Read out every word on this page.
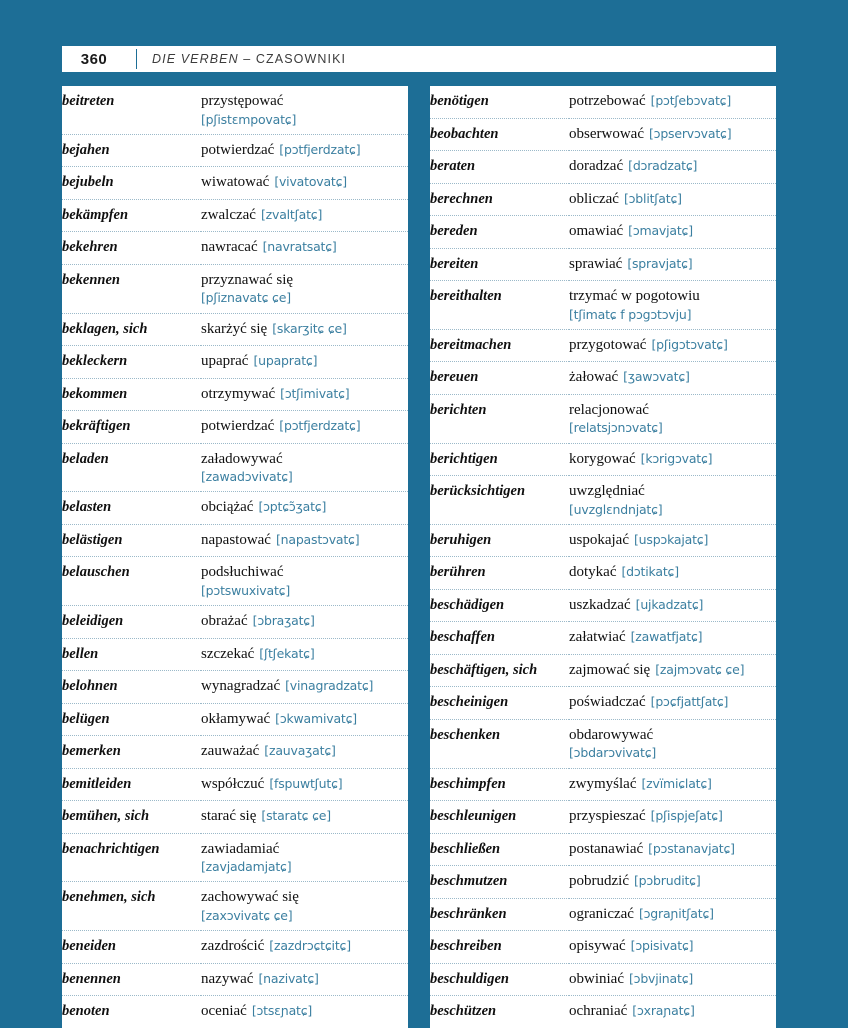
360	DIE VERBEN – CZASOWNIKI
beitreten	przystępować
[pʃistɛmpovatɕ]

bejahen	potwierdzać [pɔtfjerdzatɕ]
bejubeln	wiwatować [vivatovatɕ]
bekämpfen	zwalczać [zvaltʃatɕ]
bekehren	nawracać [navratsatɕ]
bekennen	przyznawać się
[pʃiznavatɕ ɕe]

beklagen, sich	skarżyć się [skarʒitɕ ɕe]
bekleckern	upaprać [upapratɕ]
bekommen	otrzymywać [ɔtʃimivatɕ]
bekräftigen	potwierdzać [pɔtfjerdzatɕ]
beladen	załadowywać
[zawadɔvivatɕ]

belasten	obciążać [ɔptɕɔ̃ʒatɕ]
belästigen	napastować [napastɔvatɕ]
belauschen	podsłuchiwać
[pɔtswuxivatɕ]

beleidigen	obrażać [ɔbraʒatɕ]
bellen	szczekać [ʃtʃekatɕ]
belohnen	wynagradzać [vinagradzatɕ]
belügen	okłamywać [ɔkwamivatɕ]
bemerken	zauważać [zauvaʒatɕ]
bemitleiden	współczuć [fspuwtʃutɕ]
bemühen, sich	starać się [staratɕ ɕe]
benachrichtigen	zawiadamiać
[zavjadamjatɕ]

benehmen, sich	zachowywać się
[zaxɔvivatɕ ɕe]

beneiden	zazdrościć [zazdrɔɕtɕitɕ]
benennen	nazywać [nazivatɕ]
benoten	oceniać [ɔtsɛɲatɕ]
benötigen	potrzebować [pɔtʃebɔvatɕ]
beobachten	obserwować [ɔpservɔvatɕ]
beraten	doradzać [dɔradzatɕ]
berechnen	obliczać [ɔblitʃatɕ]
bereden	omawiać [ɔmavjatɕ]
bereiten	sprawiać [spravjatɕ]
bereithalten	trzymać w pogotowiu
[tʃimatɕ f pɔgɔtɔvju]

bereitmachen	przygotować [pʃigɔtɔvatɕ]
bereuen	żałować [ʒawɔvatɕ]
berichten	relacjonować
[relatsjɔnɔvatɕ]

berichtigen	korygować [kɔrigɔvatɕ]
berücksichtigen	uwzględniać
[uvzglɛndnjatɕ]

beruhigen	uspokajać [uspɔkajatɕ]
berühren	dotykać [dɔtikatɕ]
beschädigen	uszkadzać [ujkadzatɕ]
beschaffen	załatwiać [zawatfjatɕ]
beschäftigen, sich	zajmować się [zajmɔvatɕ ɕe]
bescheinigen	poświadczać [pɔɕfjattʃatɕ]
beschenken	obdarowywać
[ɔbdarɔvivatɕ]

beschimpfen	zwymyślać [zvïmiɕlatɕ]
beschleunigen	przyspieszać [pʃispjeʃatɕ]
beschließen	postanawiać [pɔstanavjatɕ]
beschmutzen	pobrudzić [pɔbruditɕ]
beschränken	ograniczać [ɔgraɲitʃatɕ]
beschreiben	opisywać [ɔpisivatɕ]
beschuldigen	obwiniać [ɔbvjinatɕ]
beschützen	ochraniać [ɔxraɲatɕ]
